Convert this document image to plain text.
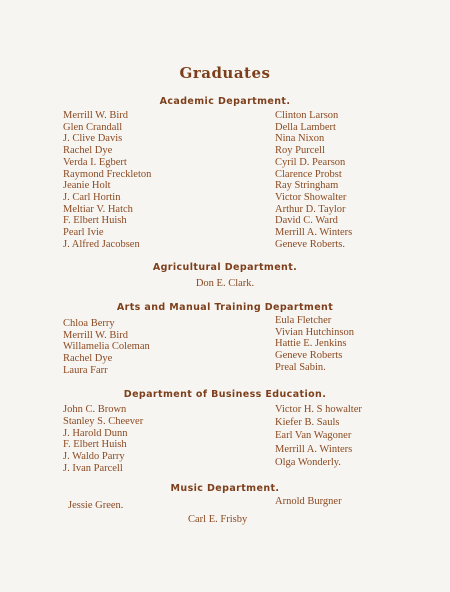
Graduates
Academic Department.
Merrill W. Bird
Glen Crandall
J. Clive Davis
Rachel Dye
Verda I. Egbert
Raymond Freckleton
Jeanie Holt
J. Carl Hortin
Meltiar V. Hatch
F. Elbert Huish
Pearl Ivie
J. Alfred Jacobsen
Clinton Larson
Della Lambert
Nina Nixon
Roy Purcell
Cyril D. Pearson
Clarence Probst
Ray Stringham
Victor Showalter
Arthur D. Taylor
David C. Ward
Merrill A. Winters
Geneve Roberts.
Agricultural Department.
Don E. Clark.
Arts and Manual Training Department
Chloa Berry
Merrill W. Bird
Willamelia Coleman
Rachel Dye
Laura Farr
Eula Fletcher
Vivian Hutchinson
Hattie E. Jenkins
Geneve Roberts
Preal Sabin.
Department of Business Education.
John C. Brown
Stanley S. Cheever
J. Harold Dunn
F. Elbert Huish
J. Waldo Parry
J. Ivan Parcell
Victor H. S howalter
Kiefer B. Sauls
Earl Van Wagoner
Merrill A. Winters
Olga Wonderly.
Music Department.
Jessie Green.	Arnold Burgner
Carl E. Frisby
